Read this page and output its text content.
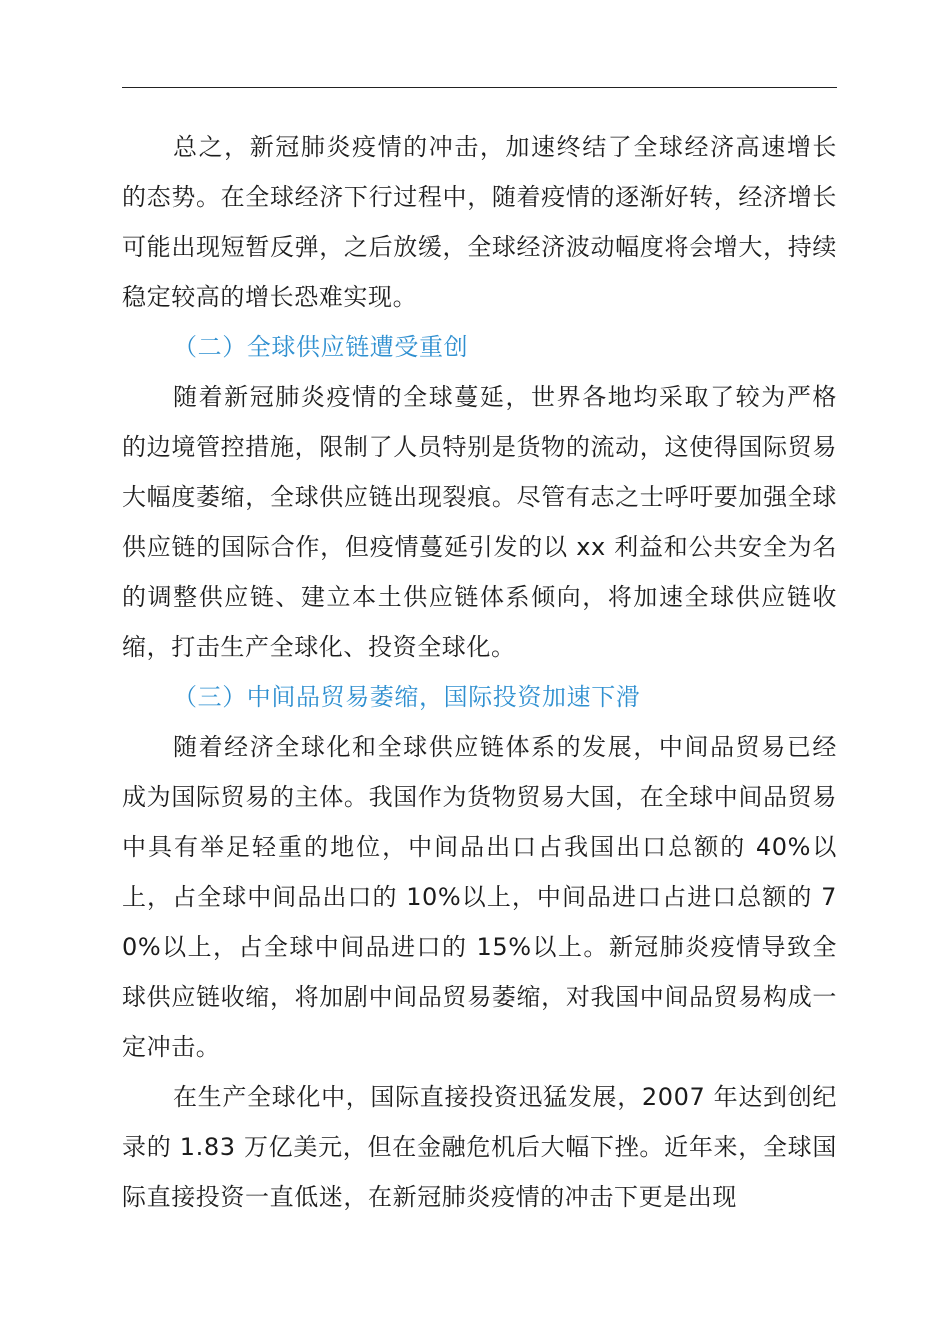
总之，新冠肺炎疫情的冲击，加速终结了全球经济高速增长的态势。在全球经济下行过程中，随着疫情的逐渐好转，经济增长可能出现短暂反弹，之后放缓，全球经济波动幅度将会增大，持续稳定较高的增长恐难实现。

（二）全球供应链遭受重创

随着新冠肺炎疫情的全球蔓延，世界各地均采取了较为严格的边境管控措施，限制了人员特别是货物的流动，这使得国际贸易大幅度萎缩，全球供应链出现裂痕。尽管有志之士呼吁要加强全球供应链的国际合作，但疫情蔓延引发的以 xx 利益和公共安全为名的调整供应链、建立本土供应链体系倾向，将加速全球供应链收缩，打击生产全球化、投资全球化。

（三）中间品贸易萎缩，国际投资加速下滑

随着经济全球化和全球供应链体系的发展，中间品贸易已经成为国际贸易的主体。我国作为货物贸易大国，在全球中间品贸易中具有举足轻重的地位，中间品出口占我国出口总额的 40%以上，占全球中间品出口的 10%以上，中间品进口占进口总额的 70%以上，占全球中间品进口的 15%以上。新冠肺炎疫情导致全球供应链收缩，将加剧中间品贸易萎缩，对我国中间品贸易构成一定冲击。

在生产全球化中，国际直接投资迅猛发展，2007 年达到创纪录的 1.83 万亿美元，但在金融危机后大幅下挫。近年来，全球国际直接投资一直低迷，在新冠肺炎疫情的冲击下更是出现
